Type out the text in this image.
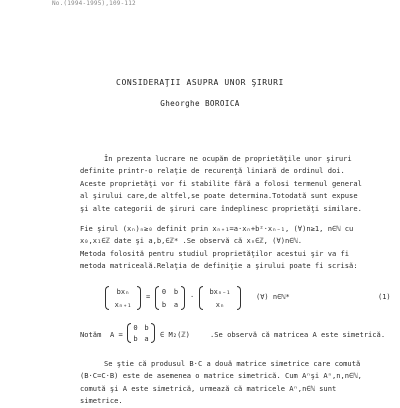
No.(1994-1995),109-112
CONSIDERAŢII ASUPRA UNOR ŞIRURI
Gheorghe BOROICA
În prezenta lucrare ne ocupăm de proprietăţile unor şiruri
definite printr-o relaţie de recurenţă liniară de ordinul doi.
Aceste proprietăţi vor fi stabilite fără a folosi termenul general
al şirului care,de altfel,se poate determina.Totodată sunt expuse
şi alte categorii de şiruri care îndeplinesc proprietăţi similare.
Fie şirul (xₙ)ₙ≥₀ definit prin xₙ₊₁=a·xₙ+b²·xₙ₋₁, (∀)n≥1, n∈ℕ cu
x₀,x₁∈ℤ date şi a,b,∈ℤ* .Se observă că xₙ∈ℤ, (∀)n∈ℕ.
Metoda folosită pentru studiul proprietăţilor acestui şir va fi
metoda matriceală.Relaţia de definiţie a şirului poate fi scrisă:
bxₙ
xₙ₊₁
=
0	b
b	a
·
bxₙ₋₁
xₙ
(∀) n∈ℕ*	(1)
Notăm A =
0 b
b a	∈ M₂(ℤ)	.Se observă că matricea A este simetrică.
Se ştie că produsul B·C a două matrice simetrice care comută
(B·C=C·B) este de asemenea o matrice simetrică. Cum Aⁿşi Aⁿ,n,n∈ℕ,
comută şi A este simetrică, urmează că matricele Aⁿ,n∈ℕ sunt
simetrice.
